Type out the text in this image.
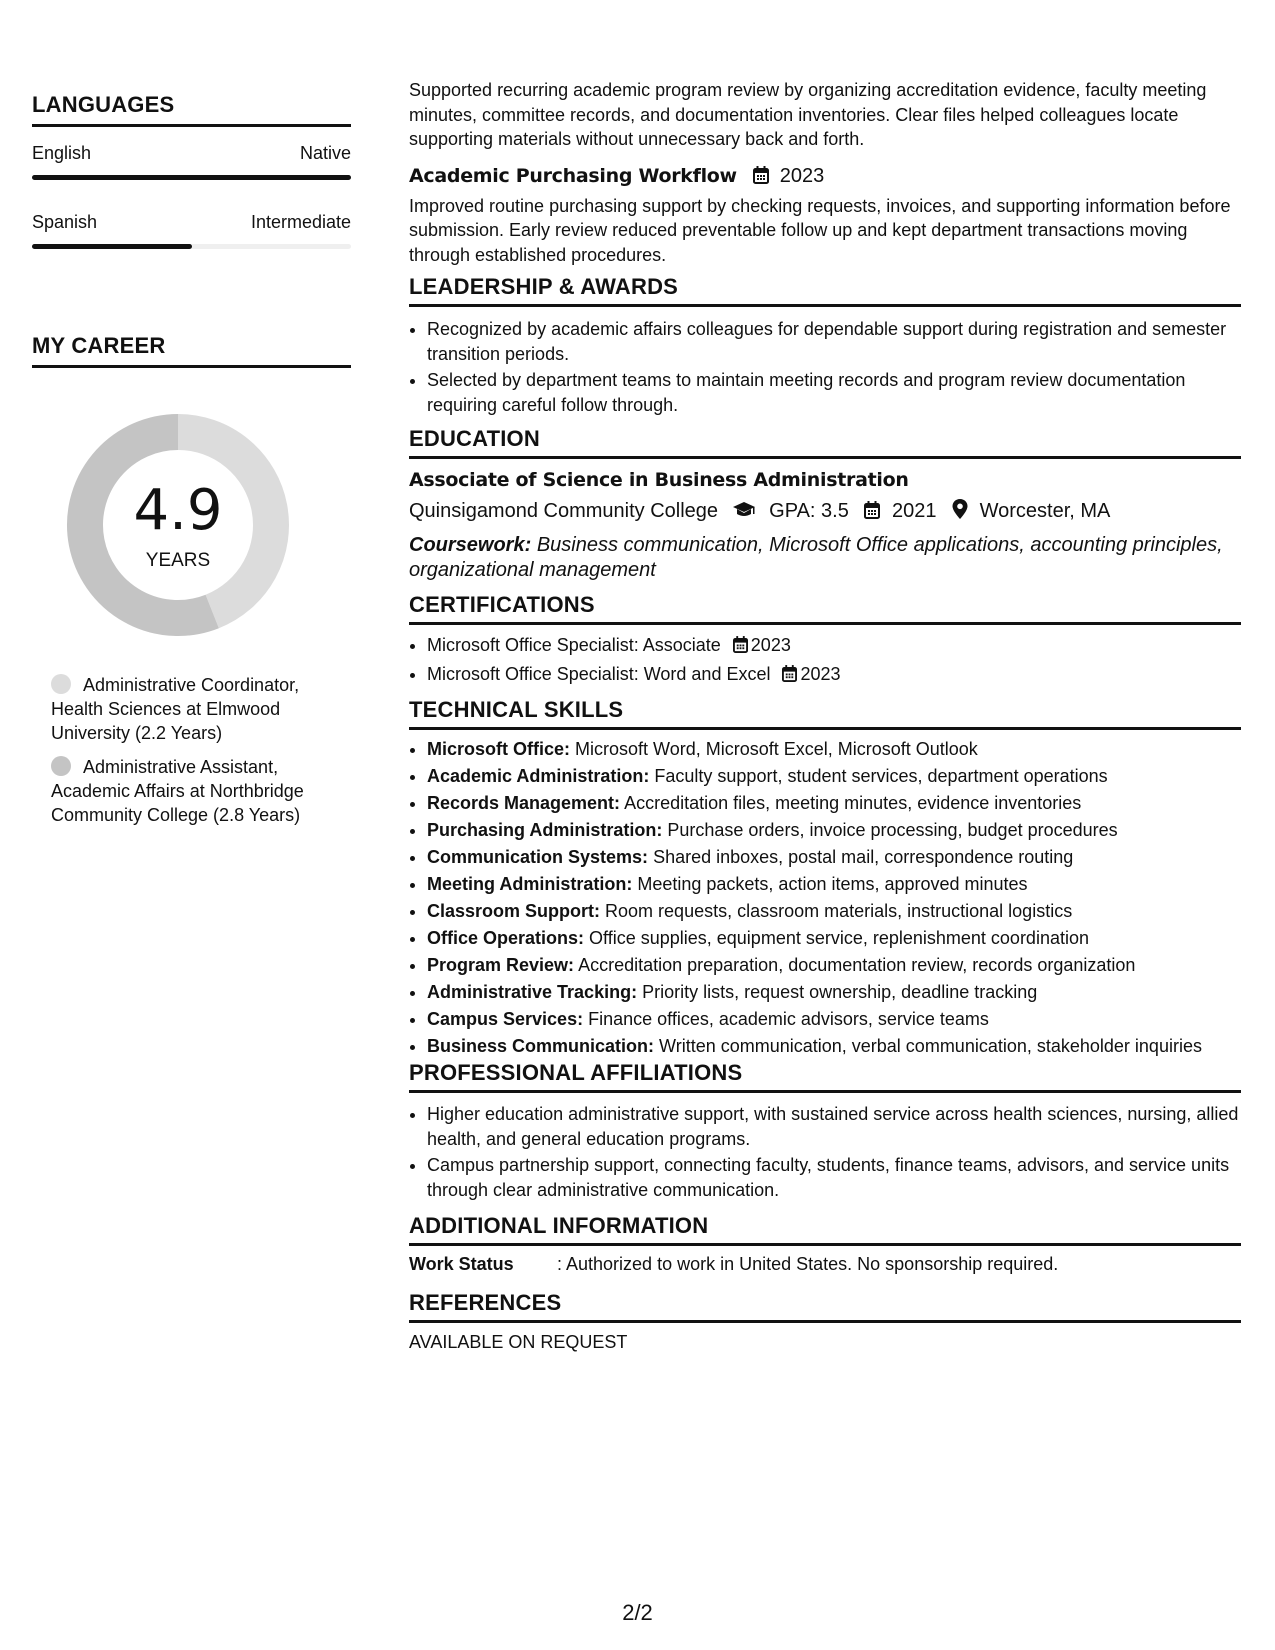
LANGUAGES
English	Native
Spanish	Intermediate
MY CAREER
4.9
YEARS
Administrative Coordinator, Health Sciences at Elmwood University (2.2 Years)
Administrative Assistant, Academic Affairs at Northbridge Community College (2.8 Years)

Supported recurring academic program review by organizing accreditation evidence, faculty meeting minutes, committee records, and documentation inventories. Clear files helped colleagues locate supporting materials without unnecessary back and forth.

Academic Purchasing Workflow 2023

Improved routine purchasing support by checking requests, invoices, and supporting information before submission. Early review reduced preventable follow up and kept department transactions moving through established procedures.

LEADERSHIP & AWARDS
• Recognized by academic affairs colleagues for dependable support during registration and semester transition periods.
• Selected by department teams to maintain meeting records and program review documentation requiring careful follow through.
EDUCATION
Associate of Science in Business Administration
Quinsigamond Community College	GPA: 3.5 2021 Worcester, MA
Coursework: Business communication, Microsoft Office applications, accounting principles, organizational management
CERTIFICATIONS
• Microsoft Office Specialist: Associate 2023
• Microsoft Office Specialist: Word and Excel 2023
TECHNICAL SKILLS
• Microsoft Office: Microsoft Word, Microsoft Excel, Microsoft Outlook
• Academic Administration: Faculty support, student services, department operations
• Records Management: Accreditation files, meeting minutes, evidence inventories
• Purchasing Administration: Purchase orders, invoice processing, budget procedures
• Communication Systems: Shared inboxes, postal mail, correspondence routing
• Meeting Administration: Meeting packets, action items, approved minutes
• Classroom Support: Room requests, classroom materials, instructional logistics
• Office Operations: Office supplies, equipment service, replenishment coordination
• Program Review: Accreditation preparation, documentation review, records organization
• Administrative Tracking: Priority lists, request ownership, deadline tracking
• Campus Services: Finance offices, academic advisors, service teams
• Business Communication: Written communication, verbal communication, stakeholder inquiries
PROFESSIONAL AFFILIATIONS
• Higher education administrative support, with sustained service across health sciences, nursing, allied health, and general education programs.
• Campus partnership support, connecting faculty, students, finance teams, advisors, and service units through clear administrative communication.
ADDITIONAL INFORMATION
Work Status : Authorized to work in United States. No sponsorship required.
REFERENCES
AVAILABLE ON REQUEST
2/2
